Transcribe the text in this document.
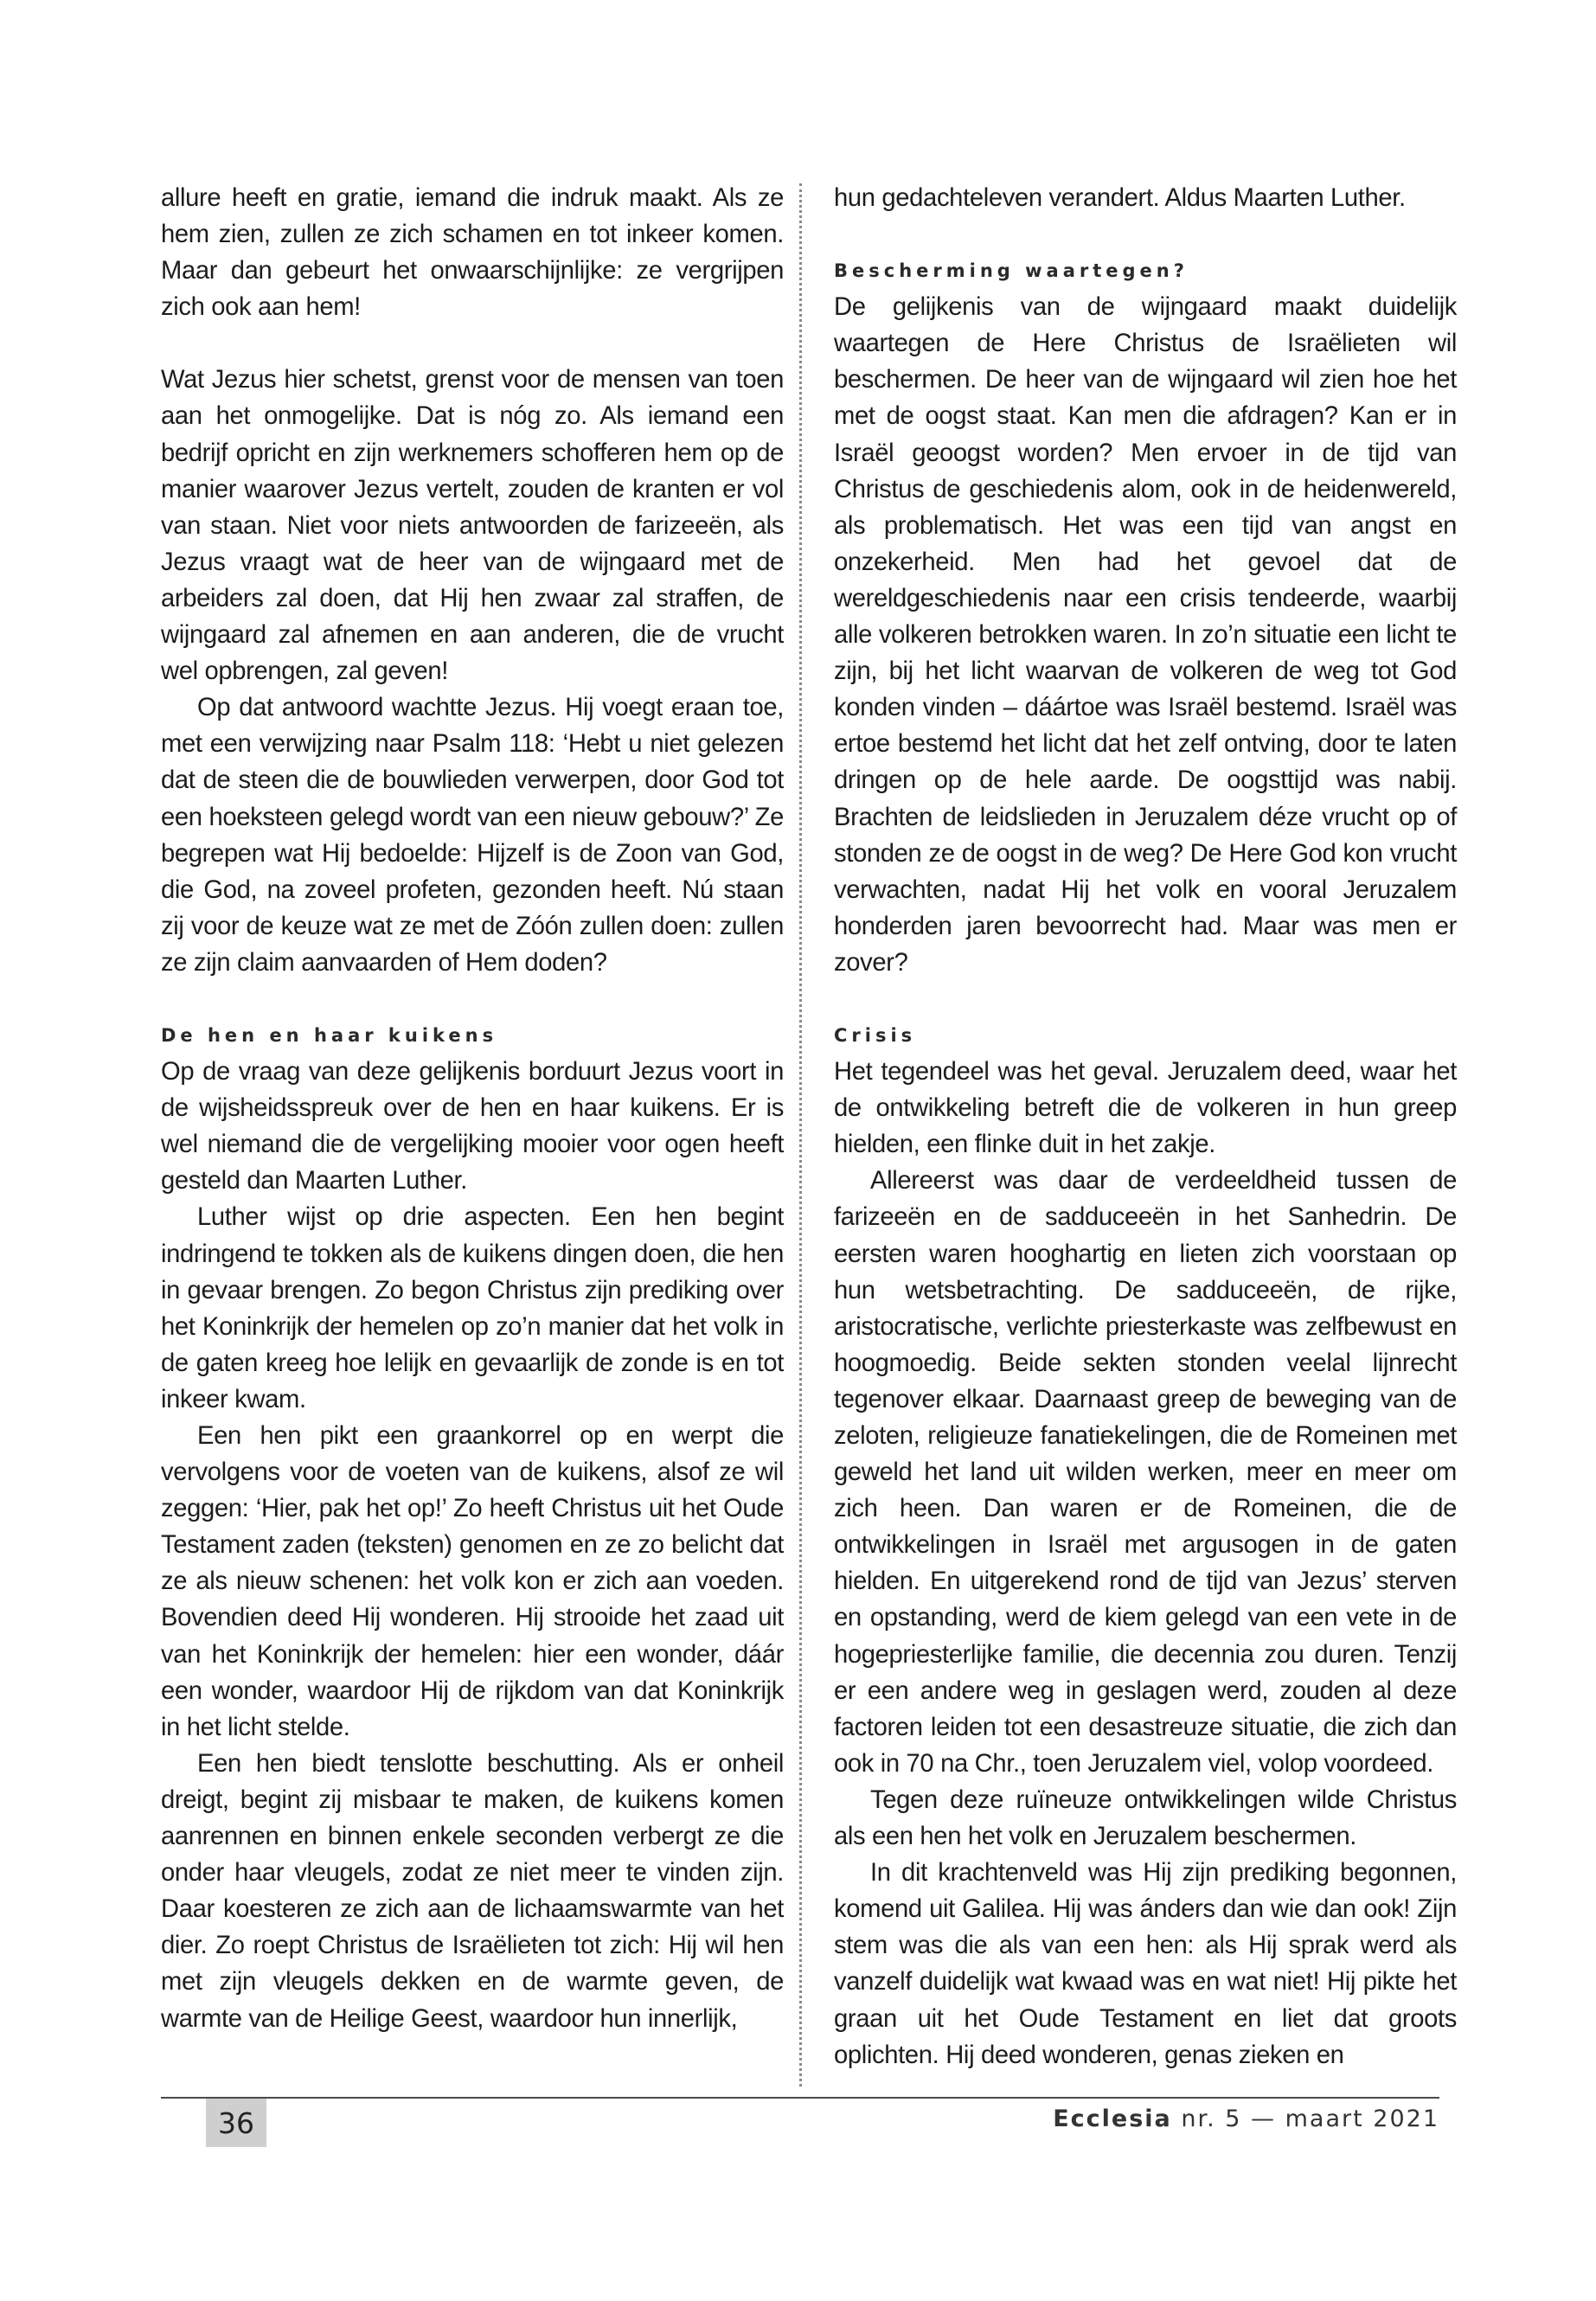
allure heeft en gratie, iemand die indruk maakt. Als ze hem zien, zullen ze zich schamen en tot inkeer komen. Maar dan gebeurt het onwaarschijnlijke: ze vergrijpen zich ook aan hem!

Wat Jezus hier schetst, grenst voor de mensen van toen aan het onmogelijke. Dat is nóg zo. Als iemand een bedrijf opricht en zijn werknemers schofferen hem op de manier waarover Jezus vertelt, zouden de kranten er vol van staan. Niet voor niets antwoorden de farizeeën, als Jezus vraagt wat de heer van de wijngaard met de arbeiders zal doen, dat Hij hen zwaar zal straffen, de wijngaard zal afnemen en aan anderen, die de vrucht wel opbrengen, zal geven!

Op dat antwoord wachtte Jezus. Hij voegt eraan toe, met een verwijzing naar Psalm 118: ‘Hebt u niet gelezen dat de steen die de bouwlieden verwerpen, door God tot een hoeksteen gelegd wordt van een nieuw gebouw?’ Ze begrepen wat Hij bedoelde: Hijzelf is de Zoon van God, die God, na zoveel profeten, gezonden heeft. Nú staan zij voor de keuze wat ze met de Zóón zullen doen: zullen ze zijn claim aanvaarden of Hem doden?

De hen en haar kuikens

Op de vraag van deze gelijkenis borduurt Jezus voort in de wijsheidsspreuk over de hen en haar kuikens. Er is wel niemand die de vergelijking mooier voor ogen heeft gesteld dan Maarten Luther.

Luther wijst op drie aspecten. Een hen begint indringend te tokken als de kuikens dingen doen, die hen in gevaar brengen. Zo begon Christus zijn prediking over het Koninkrijk der hemelen op zo’n manier dat het volk in de gaten kreeg hoe lelijk en gevaarlijk de zonde is en tot inkeer kwam.

Een hen pikt een graankorrel op en werpt die vervolgens voor de voeten van de kuikens, alsof ze wil zeggen: ‘Hier, pak het op!’ Zo heeft Christus uit het Oude Testament zaden (teksten) genomen en ze zo belicht dat ze als nieuw schenen: het volk kon er zich aan voeden. Bovendien deed Hij wonderen. Hij strooide het zaad uit van het Koninkrijk der hemelen: hier een wonder, dáár een wonder, waardoor Hij de rijkdom van dat Koninkrijk in het licht stelde.

Een hen biedt tenslotte beschutting. Als er onheil dreigt, begint zij misbaar te maken, de kuikens komen aanrennen en binnen enkele seconden verbergt ze die onder haar vleugels, zodat ze niet meer te vinden zijn. Daar koesteren ze zich aan de lichaamswarmte van het dier. Zo roept Christus de Israëlieten tot zich: Hij wil hen met zijn vleugels dekken en de warmte geven, de warmte van de Heilige Geest, waardoor hun innerlijk,

hun gedachteleven verandert. Aldus Maarten Luther.

Bescherming waartegen?

De gelijkenis van de wijngaard maakt duidelijk waartegen de Here Christus de Israëlieten wil beschermen. De heer van de wijngaard wil zien hoe het met de oogst staat. Kan men die afdragen? Kan er in Israël geoogst worden? Men ervoer in de tijd van Christus de geschiedenis alom, ook in de heidenwereld, als problematisch. Het was een tijd van angst en onzekerheid. Men had het gevoel dat de wereldgeschiedenis naar een crisis tendeerde, waarbij alle volkeren betrokken waren. In zo’n situatie een licht te zijn, bij het licht waarvan de volkeren de weg tot God konden vinden – dáártoe was Israël bestemd. Israël was ertoe bestemd het licht dat het zelf ontving, door te laten dringen op de hele aarde. De oogsttijd was nabij. Brachten de leidslieden in Jeruzalem déze vrucht op of stonden ze de oogst in de weg? De Here God kon vrucht verwachten, nadat Hij het volk en vooral Jeruzalem honderden jaren bevoorrecht had. Maar was men er zover?

Crisis

Het tegendeel was het geval. Jeruzalem deed, waar het de ontwikkeling betreft die de volkeren in hun greep hielden, een flinke duit in het zakje.

Allereerst was daar de verdeeldheid tussen de farizeeën en de sadduceeën in het Sanhedrin. De eersten waren hooghartig en lieten zich voorstaan op hun wetsbetrachting. De sadduceeën, de rijke, aristocratische, verlichte priesterkaste was zelfbewust en hoogmoedig. Beide sekten stonden veelal lijnrecht tegenover elkaar. Daarnaast greep de beweging van de zeloten, religieuze fanatiekelingen, die de Romeinen met geweld het land uit wilden werken, meer en meer om zich heen. Dan waren er de Romeinen, die de ontwikkelingen in Israël met argusogen in de gaten hielden. En uitgerekend rond de tijd van Jezus’ sterven en opstanding, werd de kiem gelegd van een vete in de hogepriesterlijke familie, die decennia zou duren. Tenzij er een andere weg in geslagen werd, zouden al deze factoren leiden tot een desastreuze situatie, die zich dan ook in 70 na Chr., toen Jeruzalem viel, volop voordeed.

Tegen deze ruïneuze ontwikkelingen wilde Christus als een hen het volk en Jeruzalem beschermen.

In dit krachtenveld was Hij zijn prediking begonnen, komend uit Galilea. Hij was ánders dan wie dan ook! Zijn stem was die als van een hen: als Hij sprak werd als vanzelf duidelijk wat kwaad was en wat niet! Hij pikte het graan uit het Oude Testament en liet dat groots oplichten. Hij deed wonderen, genas zieken en

36	Ecclesia nr. 5 — maart 2021
